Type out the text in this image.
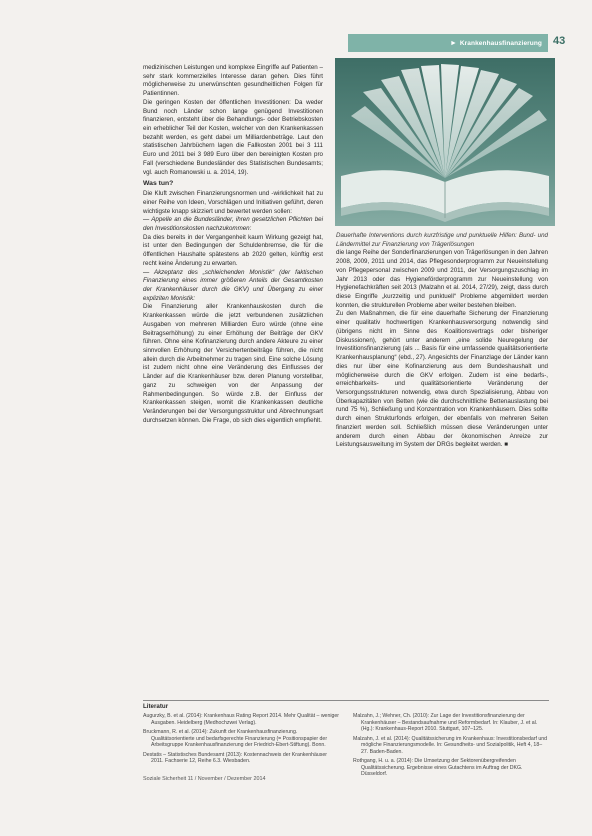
► Krankenhausfinanzierung 43

medizinischen Leistungen und komplexe Eingriffe auf Patienten – sehr stark kommerzielles Interesse daran gehen. Dies führt möglicherweise zu unerwünschten gesundheitlichen Folgen für Patientinnen.

Die geringen Kosten der öffentlichen Investitionen: Da weder Bund noch Länder schon lange genügend Investitionen finanzieren, entsteht über die Behandlungs- oder Betriebskosten ein erheblicher Teil der Kosten, welcher von den Krankenkassen bezahlt werden, es geht dabei um Milliardenbeträge. Laut den statistischen Jahrbüchern lagen die Fallkosten 2001 bei 3 111 Euro und 2011 bei 3 989 Euro über den bereinigten Kosten pro Fall (verschiedene Bundesländer des Statistischen Bundesamts; vgl. auch Romanowski u. a. 2014, 19).

Was tun?

Die Kluft zwischen Finanzierungsnormen und -wirklichkeit hat zu einer Reihe von Ideen, Vorschlägen und Initiativen geführt, deren wichtigste knapp skizziert und bewertet werden sollen:

— Appelle an die Bundesländer, ihren gesetzlichen Pflichten bei den Investitionskosten nachzukommen:

Da dies bereits in der Vergangenheit kaum Wirkung gezeigt hat, ist unter den Bedingungen der Schuldenbremse, die für die öffentlichen Haushalte spätestens ab 2020 gelten, künftig erst recht keine Änderung zu erwarten.

— Akzeptanz des „schleichenden Monistik“ (der faktischen Finanzierung eines immer größeren Anteils der Gesamtkosten der Krankenhäuser durch die GKV) und Übergang zu einer expliziten Monistik:

Die Finanzierung aller Krankenhauskosten durch die Krankenkassen würde die jetzt verbundenen zusätzlichen Ausgaben von mehreren Milliarden Euro würde (ohne eine Beitragserhöhung) zu einer Erhöhung der Beiträge der GKV führen. Ohne eine Kofinanzierung durch andere Akteure zu einer sinnvollen Erhöhung der Versichertenbeiträge führen, die nicht allein durch die Arbeitnehmer zu tragen sind. Eine solche Lösung ist zudem nicht ohne eine Veränderung des Einflusses der Länder auf die Krankenhäuser bzw. deren Planung vorstellbar, ganz zu schweigen von der Anpassung der Rahmenbedingungen. So würde z.B. der Einfluss der Krankenkassen steigen, womit die Krankenkassen deutliche Veränderungen bei der Versorgungsstruktur und Abrechnungsart durchsetzen können. Die Frage, ob sich dies eigentlich empfiehlt.

Dauerhafte Interventions durch kurzfristige und punktuelle Hilfen: Bund- und Ländermittel zur Finanzierung von Trägerlösungen

die lange Reihe der Sonderfinanzierungen von Trägerlösungen in den Jahren 2008, 2009, 2011 und 2014, das Pflegesonderprogramm zur Neueinstellung von Pflegepersonal zwischen 2009 und 2011, der Versorgungszuschlag im Jahr 2013 oder das Hygieneförderprogramm zur Neueinstellung von Hygienefachkräften seit 2013 (Malzahn et al. 2014, 27/29), zeigt, dass durch diese Eingriffe „kurzzeitig und punktuell“ Probleme abgemildert werden konnten, die strukturellen Probleme aber weiter bestehen bleiben.

Zu den Maßnahmen, die für eine dauerhafte Sicherung der Finanzierung einer qualitativ hochwertigen Krankenhausversorgung notwendig sind (übrigens nicht im Sinne des Koalitionsvertrags oder bisheriger Diskussionen), gehört unter anderem „eine solide Neuregelung der Investitionsfinanzierung (als ... Basis für eine umfassende qualitätsorientierte Krankenhausplanung“ (ebd., 27). Angesichts der Finanzlage der Länder kann dies nur über eine Kofinanzierung aus dem Bundeshaushalt und möglicherweise durch die GKV erfolgen. Zudem ist eine bedarfs-, erreichbarkeits- und qualitätsorientierte Veränderung der Versorgungsstrukturen notwendig, etwa durch Spezialisierung, Abbau von Überkapazitäten von Betten (wie die durchschnittliche Bettenauslastung bei rund 75 %), Schließung und Konzentration von Krankenhäusern. Dies sollte durch einen Strukturfonds erfolgen, der ebenfalls von mehreren Seiten finanziert werden soll. Schließlich müssen diese Veränderungen unter anderem durch einen Abbau der ökonomischen Anreize zur Leistungsausweitung im System der DRGs begleitet werden. ■

Literatur

Augurzky, B. et al. (2014): Krankenhaus Rating Report 2014. Mehr Qualität – weniger Ausgaben. Heidelberg (Medhochzwei Verlag).

Bruckmann, R. et al. (2014): Zukunft der Krankenhausfinanzierung. Qualitätsorientierte und bedarfsgerechte Finanzierung (= Positionspapier der Arbeitsgruppe Krankenhausfinanzierung der Friedrich-Ebert-Stiftung). Bonn.

Destatis – Statistisches Bundesamt (2013): Kostennachweis der Krankenhäuser 2011. Fachserie 12, Reihe 6.3. Wiesbaden.

Malzahn, J.; Wehner, Ch. (2010): Zur Lage der Investitionsfinanzierung der Krankenhäuser – Bestandsaufnahme und Reformbedarf. In: Klauber, J. et al. (Hg.): Krankenhaus-Report 2010. Stuttgart, 107–125.

Malzahn, J. et al. (2014): Qualitätssicherung im Krankenhaus: Investitionsbedarf und mögliche Finanzierungsmodelle. In: Gesundheits- und Sozialpolitik, Heft 4, 18–27. Baden-Baden.

Rothgang, H. u. a. (2014): Die Umsetzung der Sektorenübergreifenden Qualitätssicherung. Ergebnisse eines Gutachtens im Auftrag der DKG. Düsseldorf.

Soziale Sicherheit 11 / November / Dezember 2014
